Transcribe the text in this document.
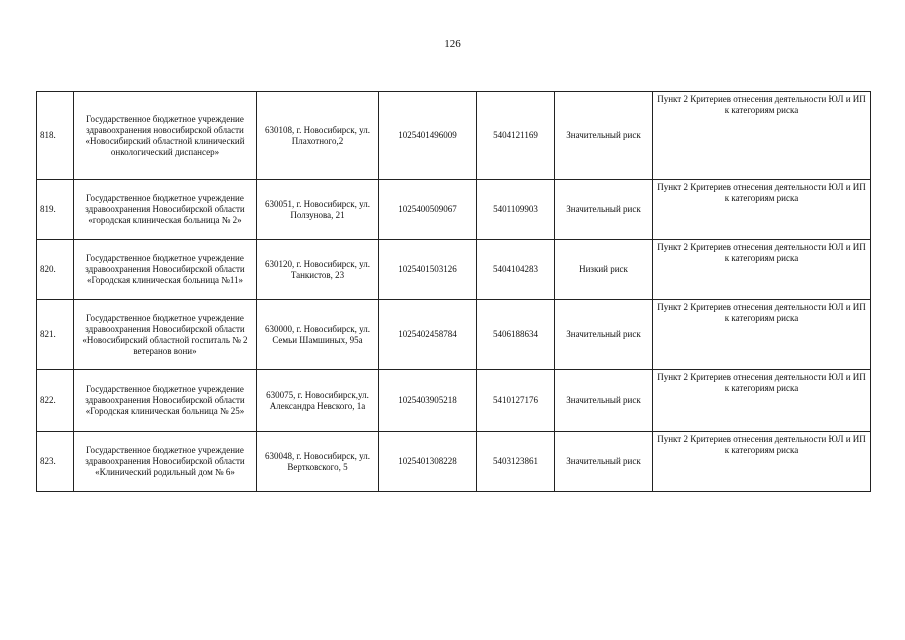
126
818.	Государственное бюджетное учреждение здравоохранения новосибирской области «Новосибирский областной клинический онкологический диспансер»	630108, г. Новосибирск, ул. Плахотного,2	1025401496009	5404121169	Значительный риск	Пункт 2 Критериев отнесения деятельности ЮЛ и ИП к категориям риска
819.	Государственное бюджетное учреждение здравоохранения Новосибирской области «городская клиническая больница № 2»	630051, г. Новосибирск, ул. Ползунова, 21	1025400509067	5401109903	Значительный риск	Пункт 2 Критериев отнесения деятельности ЮЛ и ИП к категориям риска
820.	Государственное бюджетное учреждение здравоохранения Новосибирской области «Городская клиническая больница №11»	630120, г. Новосибирск, ул. Танкистов, 23	1025401503126	5404104283	Низкий риск	Пункт 2 Критериев отнесения деятельности ЮЛ и ИП к категориям риска
821.	Государственное бюджетное учреждение здравоохранения Новосибирской области «Новосибирский областной госпиталь № 2 ветеранов вони»	630000, г. Новосибирск, ул. Семьи Шамшиных, 95а	1025402458784	5406188634	Значительный риск	Пункт 2 Критериев отнесения деятельности ЮЛ и ИП к категориям риска
822.	Государственное бюджетное учреждение здравоохранения Новосибирской области «Городская клиническая больница № 25»	630075, г. Новосибирск,ул. Александра Невского, 1а	1025403905218	5410127176	Значительный риск	Пункт 2 Критериев отнесения деятельности ЮЛ и ИП к категориям риска
823.	Государственное бюджетное учреждение здравоохранения Новосибирской области «Клинический родильный дом № 6»	630048, г. Новосибирск, ул. Вертковского, 5	1025401308228	5403123861	Значительный риск	Пункт 2 Критериев отнесения деятельности ЮЛ и ИП к категориям риска
